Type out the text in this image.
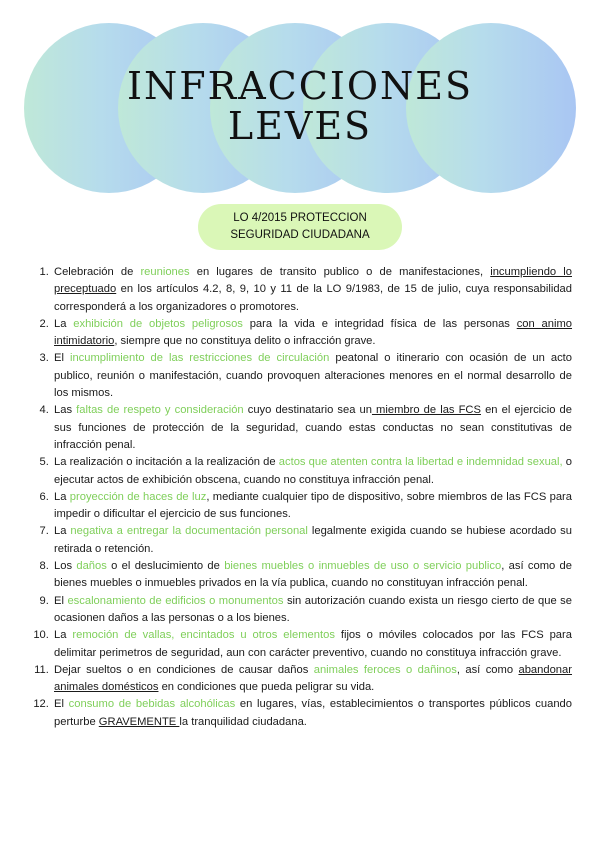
INFRACCIONES
LEVES
LO 4/2015 PROTECCION
SEGURIDAD CIUDADANA
1. Celebración de reuniones en lugares de transito publico o de manifestaciones, incumpliendo lo preceptuado en los artículos 4.2, 8, 9, 10 y 11 de la LO 9/1983, de 15 de julio, cuya responsabilidad corresponderá a los organizadores o promotores.
2. La exhibición de objetos peligrosos para la vida e integridad física de las personas con animo intimidatorio, siempre que no constituya delito o infracción grave.
3. El incumplimiento de las restricciones de circulación peatonal o itinerario con ocasión de un acto publico, reunión o manifestación, cuando provoquen alteraciones menores en el normal desarrollo de los mismos.
4. Las faltas de respeto y consideración cuyo destinatario sea un miembro de las FCS en el ejercicio de sus funciones de protección de la seguridad, cuando estas conductas no sean constitutivas de infracción penal.
5. La realización o incitación a la realización de actos que atenten contra la libertad e indemnidad sexual, o ejecutar actos de exhibición obscena, cuando no constituya infracción penal.
6. La proyección de haces de luz, mediante cualquier tipo de dispositivo, sobre miembros de las FCS para impedir o dificultar el ejercicio de sus funciones.
7. La negativa a entregar la documentación personal legalmente exigida cuando se hubiese acordado su retirada o retención.
8. Los daños o el deslucimiento de bienes muebles o inmuebles de uso o servicio publico, así como de bienes muebles o inmuebles privados en la vía publica, cuando no constituyan infracción penal.
9. El escalonamiento de edificios o monumentos sin autorización cuando exista un riesgo cierto de que se ocasionen daños a las personas o a los bienes.
10. La remoción de vallas, encintados u otros elementos fijos o móviles colocados por las FCS para delimitar perimetros de seguridad, aun con carácter preventivo, cuando no constituya infracción grave.
11. Dejar sueltos o en condiciones de causar daños animales feroces o dañinos, así como abandonar animales domésticos en condiciones que pueda peligrar su vida.
12. El consumo de bebidas alcohólicas en lugares, vías, establecimientos o transportes públicos cuando perturbe GRAVEMENTE la tranquilidad ciudadana.
